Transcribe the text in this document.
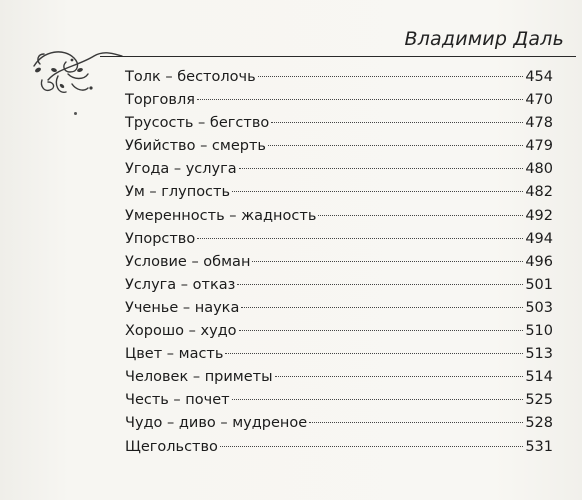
Владимир Даль
Толк – бестолочь	454
Торговля	470
Трусость – бегство	478
Убийство – смерть	479
Угода – услуга	480
Ум – глупость	482
Умеренность – жадность	492
Упорство	494
Условие – обман	496
Услуга – отказ	501
Ученье – наука	503
Хорошо – худо	510
Цвет – масть	513
Человек – приметы	514
Честь – почет	525
Чудо – диво – мудреное	528
Щегольство	531
